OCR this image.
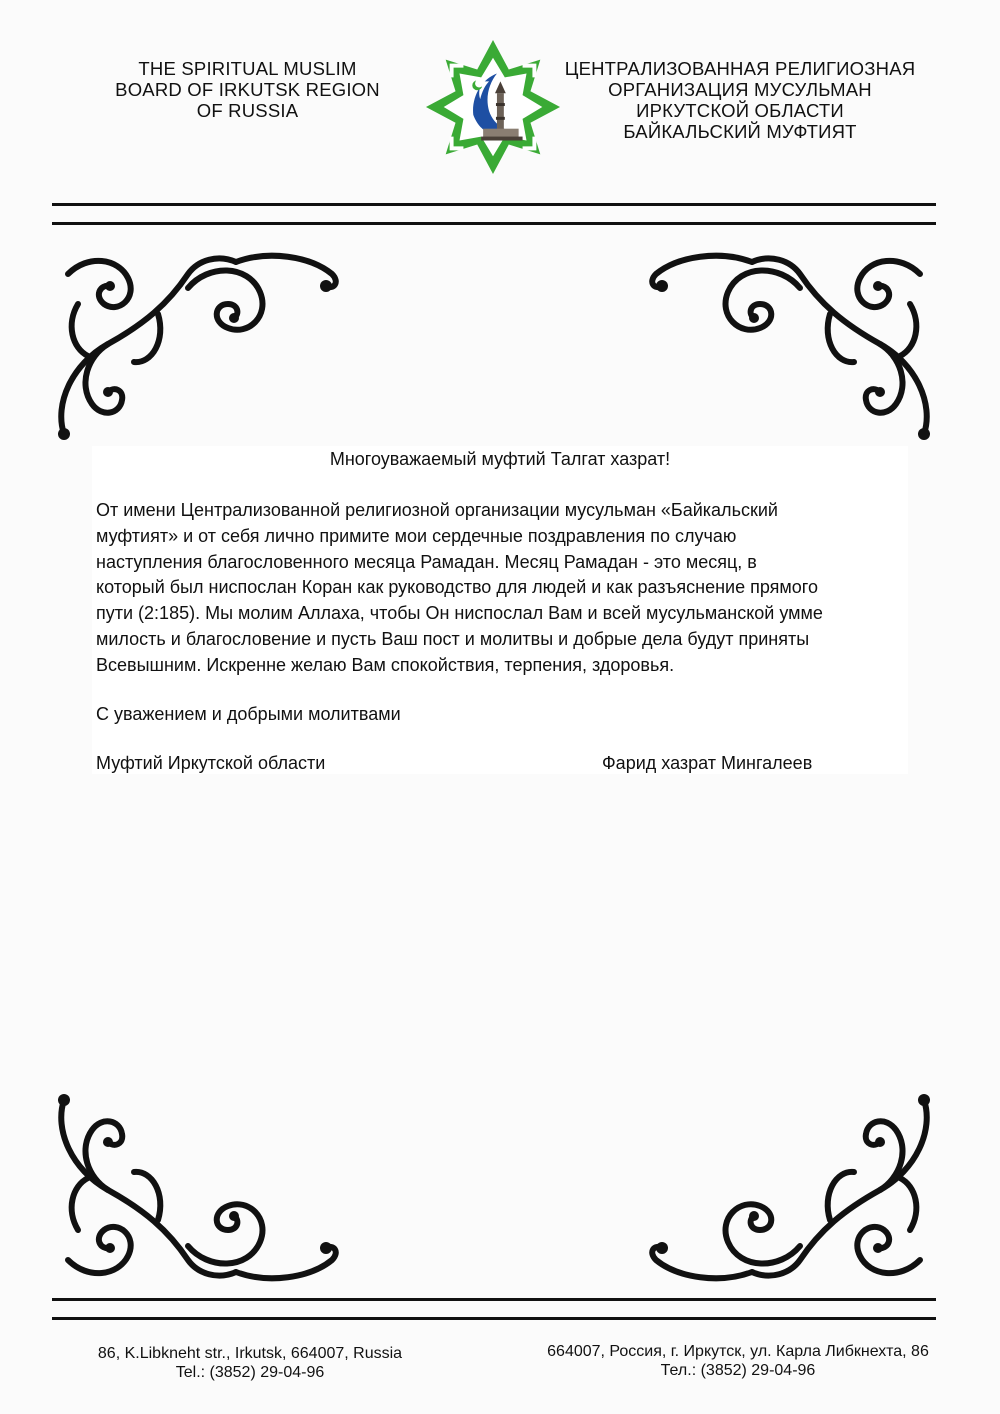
THE SPIRITUAL MUSLIM
BOARD OF IRKUTSK REGION
OF RUSSIA
ЦЕНТРАЛИЗОВАННАЯ РЕЛИГИОЗНАЯ
ОРГАНИЗАЦИЯ МУСУЛЬМАН
ИРКУТСКОЙ ОБЛАСТИ
БАЙКАЛЬСКИЙ МУФТИЯТ
Многоуважаемый муфтий Талгат хазрат!
От имени Централизованной религиозной организации мусульман «Байкальский
муфтият» и от себя лично примите мои сердечные поздравления по случаю
наступления благословенного месяца Рамадан. Месяц Рамадан - это месяц, в
который был ниспослан Коран как руководство для людей и как разъяснение прямого
пути (2:185). Мы молим Аллаха, чтобы Он ниспослал Вам и всей мусульманской умме
милость и благословение и пусть Ваш пост и молитвы и добрые дела будут приняты
Всевышним. Искренне желаю Вам спокойствия, терпения, здоровья.
С уважением и добрыми молитвами
Муфтий Иркутской области	Фарид хазрат Мингалеев
86, K.Libkneht str., Irkutsk, 664007, Russia
Tel.: (3852) 29-04-96
664007, Россия, г. Иркутск, ул. Карла Либкнехта, 86
Тел.: (3852) 29-04-96
